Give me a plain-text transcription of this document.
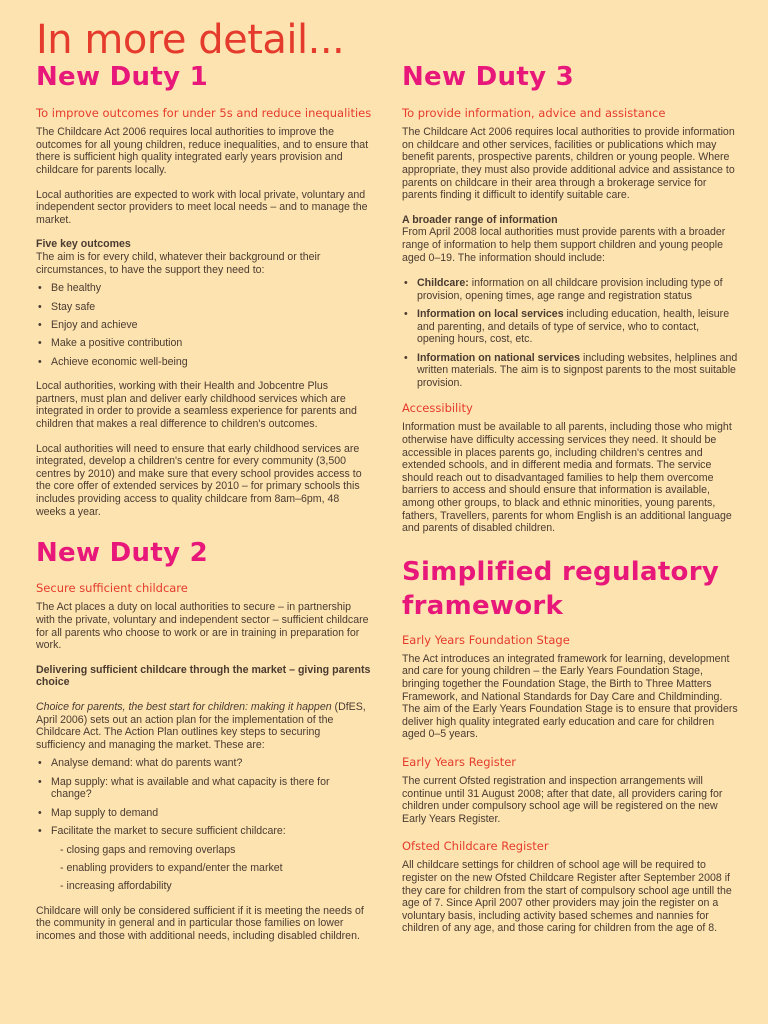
In more detail...
New Duty 1
To improve outcomes for under 5s and reduce inequalities

The Childcare Act 2006 requires local authorities to improve the outcomes for all young children, reduce inequalities, and to ensure that there is sufficient high quality integrated early years provision and childcare for parents locally.

Local authorities are expected to work with local private, voluntary and independent sector providers to meet local needs – and to manage the market.

Five key outcomes

The aim is for every child, whatever their background or their circumstances, to have the support they need to:

• Be healthy
• Stay safe
• Enjoy and achieve
• Make a positive contribution
• Achieve economic well-being

Local authorities, working with their Health and Jobcentre Plus partners, must plan and deliver early childhood services which are integrated in order to provide a seamless experience for parents and children that makes a real difference to children's outcomes.

Local authorities will need to ensure that early childhood services are integrated, develop a children's centre for every community (3,500 centres by 2010) and make sure that every school provides access to the core offer of extended services by 2010 – for primary schools this includes providing access to quality childcare from 8am–6pm, 48 weeks a year.

New Duty 2
Secure sufficient childcare

The Act places a duty on local authorities to secure – in partnership with the private, voluntary and independent sector – sufficient childcare for all parents who choose to work or are in training in preparation for work.

Delivering sufficient childcare through the market – giving parents choice

Choice for parents, the best start for children: making it happen (DfES, April 2006) sets out an action plan for the implementation of the Childcare Act. The Action Plan outlines key steps to securing sufficiency and managing the market. These are:

• Analyse demand: what do parents want?
• Map supply: what is available and what capacity is there for change?
• Map supply to demand
• Facilitate the market to secure sufficient childcare:
- closing gaps and removing overlaps
- enabling providers to expand/enter the market
- increasing affordability

Childcare will only be considered sufficient if it is meeting the needs of the community in general and in particular those families on lower incomes and those with additional needs, including disabled children.

New Duty 3
To provide information, advice and assistance

The Childcare Act 2006 requires local authorities to provide information on childcare and other services, facilities or publications which may benefit parents, prospective parents, children or young people. Where appropriate, they must also provide additional advice and assistance to parents on childcare in their area through a brokerage service for parents finding it difficult to identify suitable care.

A broader range of information

From April 2008 local authorities must provide parents with a broader range of information to help them support children and young people aged 0–19. The information should include:

• Childcare: information on all childcare provision including type of provision, opening times, age range and registration status
• Information on local services including education, health, leisure and parenting, and details of type of service, who to contact, opening hours, cost, etc.
• Information on national services including websites, helplines and written materials. The aim is to signpost parents to the most suitable provision.
Accessibility

Information must be available to all parents, including those who might otherwise have difficulty accessing services they need. It should be accessible in places parents go, including children's centres and extended schools, and in different media and formats. The service should reach out to disadvantaged families to help them overcome barriers to access and should ensure that information is available, among other groups, to black and ethnic minorities, young parents, fathers, Travellers, parents for whom English is an additional language and parents of disabled children.

Simplified regulatory
framework
Early Years Foundation Stage

The Act introduces an integrated framework for learning, development and care for young children – the Early Years Foundation Stage, bringing together the Foundation Stage, the Birth to Three Matters Framework, and National Standards for Day Care and Childminding. The aim of the Early Years Foundation Stage is to ensure that providers deliver high quality integrated early education and care for children aged 0–5 years.

Early Years Register

The current Ofsted registration and inspection arrangements will continue until 31 August 2008; after that date, all providers caring for children under compulsory school age will be registered on the new Early Years Register.

Ofsted Childcare Register

All childcare settings for children of school age will be required to register on the new Ofsted Childcare Register after September 2008 if they care for children from the start of compulsory school age untill the age of 7. Since April 2007 other providers may join the register on a voluntary basis, including activity based schemes and nannies for children of any age, and those caring for children from the age of 8.
